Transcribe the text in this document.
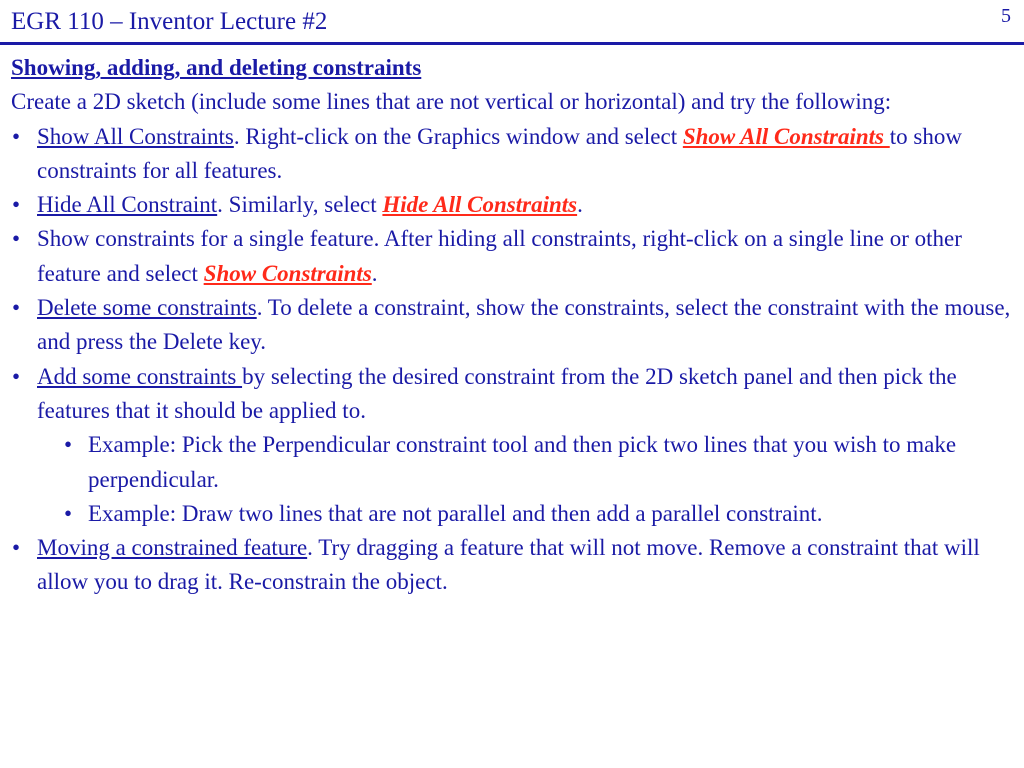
EGR 110 – Inventor Lecture #2	5
Showing, adding, and deleting constraints
Create a 2D sketch (include some lines that are not vertical or horizontal) and try the following:
• Show All Constraints. Right-click on the Graphics window and select Show All Constraints to show constraints for all features.
• Hide All Constraint. Similarly, select Hide All Constraints.
• Show constraints for a single feature. After hiding all constraints, right-click on a single line or other feature and select Show Constraints.
• Delete some constraints. To delete a constraint, show the constraints, select the constraint with the mouse, and press the Delete key.
• Add some constraints by selecting the desired constraint from the 2D sketch panel and then pick the features that it should be applied to.
• Example: Pick the Perpendicular constraint tool and then pick two lines that you wish to make perpendicular.
• Example: Draw two lines that are not parallel and then add a parallel constraint.
• Moving a constrained feature. Try dragging a feature that will not move. Remove a constraint that will allow you to drag it. Re-constrain the object.
